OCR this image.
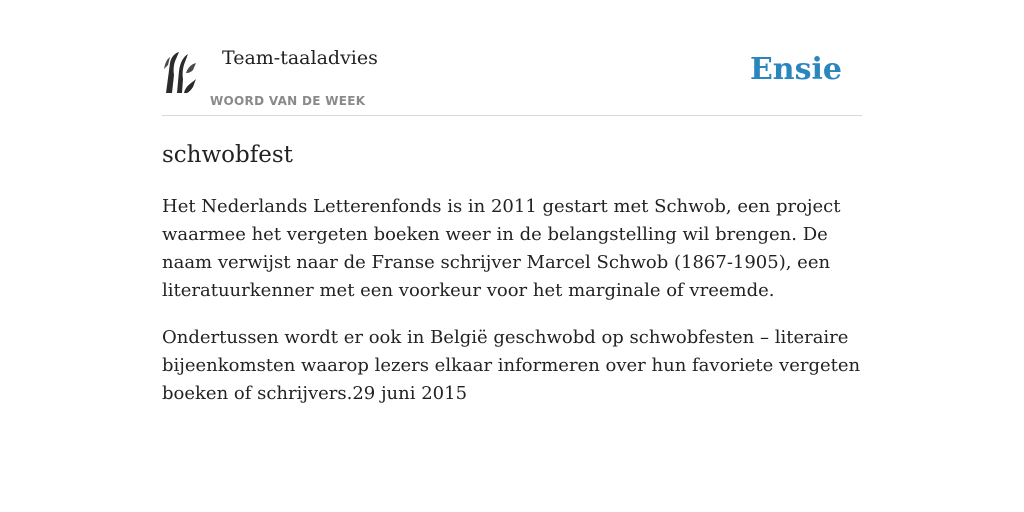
Team-taaladvies
WOORD VAN DE WEEK
Ensie
schwobfest

Het Nederlands Letterenfonds is in 2011 gestart met Schwob, een project waarmee het vergeten boeken weer in de belangstelling wil brengen. De naam verwijst naar de Franse schrijver Marcel Schwob (1867-1905), een literatuurkenner met een voorkeur voor het marginale of vreemde.

Ondertussen wordt er ook in België geschwobd op schwobfesten – literaire bijeenkomsten waarop lezers elkaar informeren over hun favoriete vergeten boeken of schrijvers.29 juni 2015
